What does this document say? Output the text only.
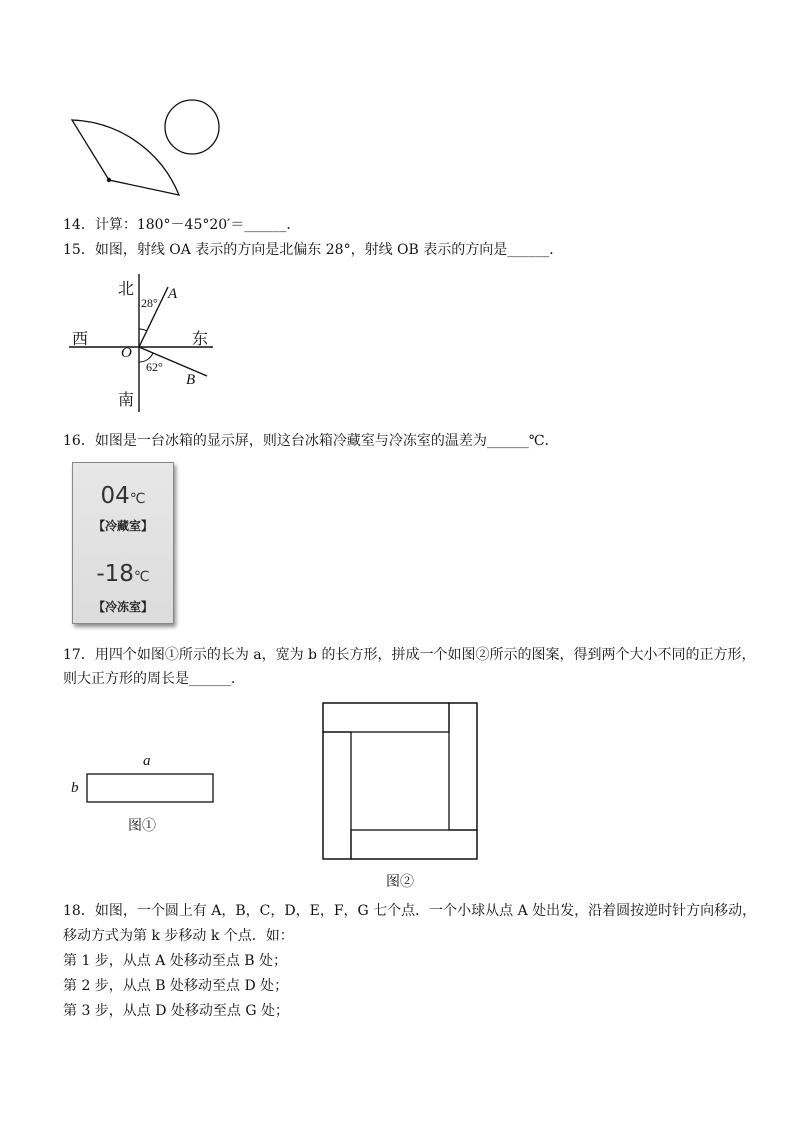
14．计算：180°－45°20′＝______．
15．如图，射线 OA 表示的方向是北偏东 28°，射线 OB 表示的方向是______．
北
南
西	东
O
A
B
28°
62°
16．如图是一台冰箱的显示屏，则这台冰箱冷藏室与冷冻室的温差为______℃．
04℃
【冷藏室】
-18℃
【冷冻室】
17．用四个如图①所示的长为 a，宽为 b 的长方形，拼成一个如图②所示的图案，得到两个大小不同的正方形，
则大正方形的周长是______．
a
b
图①
图②
18．如图，一个圆上有 A，B，C，D，E，F，G 七个点．一个小球从点 A 处出发，沿着圆按逆时针方向移动，
移动方式为第 k 步移动 k 个点．如：
第 1 步，从点 A 处移动至点 B 处；
第 2 步，从点 B 处移动至点 D 处；
第 3 步，从点 D 处移动至点 G 处；
